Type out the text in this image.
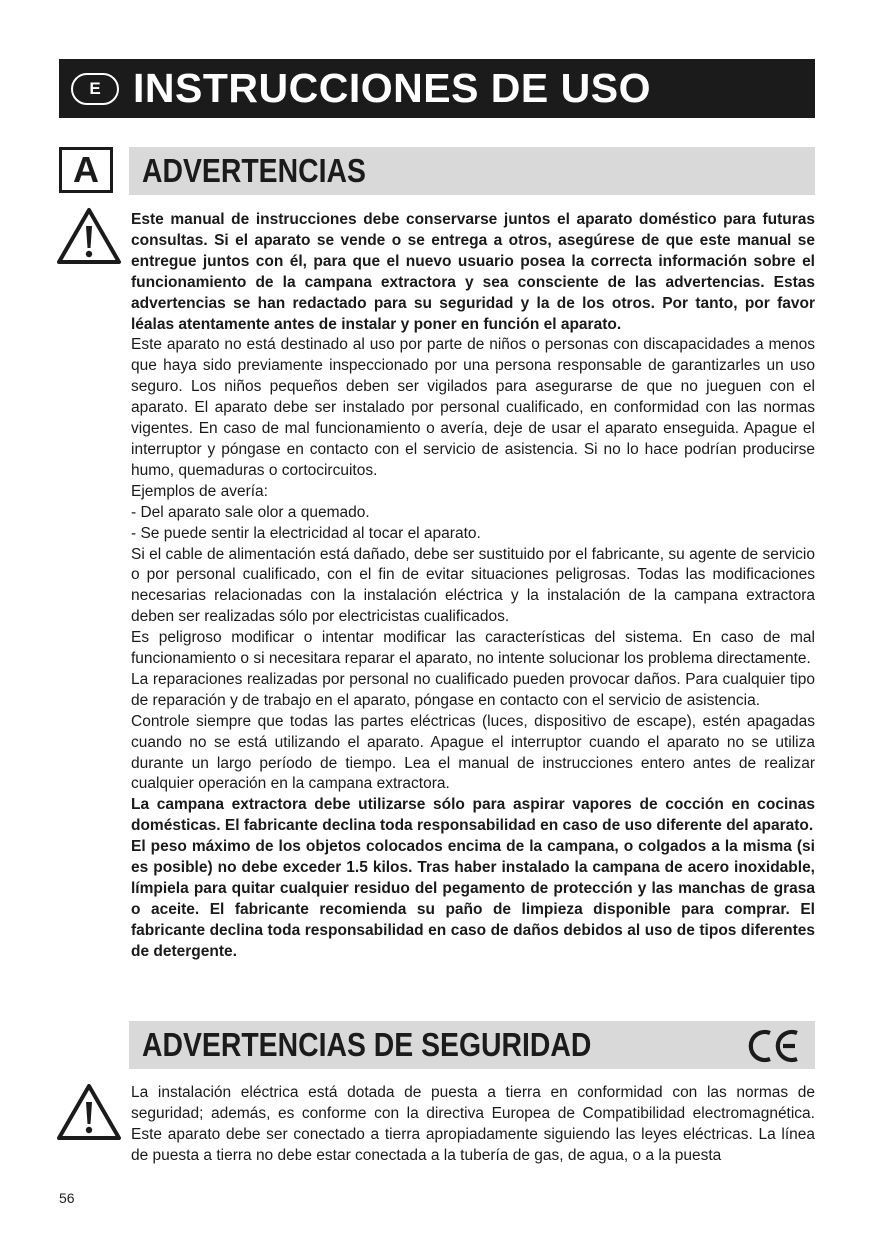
E INSTRUCCIONES DE USO
A	ADVERTENCIAS

Este manual de instrucciones debe conservarse juntos el aparato doméstico para futuras consultas. Si el aparato se vende o se entrega a otros, asegúrese de que este manual se entregue juntos con él, para que el nuevo usuario posea la correcta información sobre el funcionamiento de la campana extractora y sea consciente de las advertencias. Estas advertencias se han redactado para su seguridad y la de los otros. Por tanto, por favor léalas atentamente antes de instalar y poner en función el aparato.

Este aparato no está destinado al uso por parte de niños o personas con discapacidades a menos que haya sido previamente inspeccionado por una persona responsable de garantizarles un uso seguro. Los niños pequeños deben ser vigilados para asegurarse de que no jueguen con el aparato. El aparato debe ser instalado por personal cualificado, en conformidad con las normas vigentes. En caso de mal funcionamiento o avería, deje de usar el aparato enseguida. Apague el interruptor y póngase en contacto con el servicio de asistencia. Si no lo hace podrían producirse humo, quemaduras o cortocircuitos.

Ejemplos de avería:

- Del aparato sale olor a quemado.

- Se puede sentir la electricidad al tocar el aparato.

Si el cable de alimentación está dañado, debe ser sustituido por el fabricante, su agente de servicio o por personal cualificado, con el fin de evitar situaciones peligrosas. Todas las modificaciones necesarias relacionadas con la instalación eléctrica y la instalación de la campana extractora deben ser realizadas sólo por electricistas cualificados.

Es peligroso modificar o intentar modificar las características del sistema. En caso de mal funcionamiento o si necesitara reparar el aparato, no intente solucionar los problema directamente.

La reparaciones realizadas por personal no cualificado pueden provocar daños. Para cualquier tipo de reparación y de trabajo en el aparato, póngase en contacto con el servicio de asistencia.

Controle siempre que todas las partes eléctricas (luces, dispositivo de escape), estén apagadas cuando no se está utilizando el aparato. Apague el interruptor cuando el aparato no se utiliza durante un largo período de tiempo. Lea el manual de instrucciones entero antes de realizar cualquier operación en la campana extractora.

La campana extractora debe utilizarse sólo para aspirar vapores de cocción en cocinas domésticas. El fabricante declina toda responsabilidad en caso de uso diferente del aparato.

El peso máximo de los objetos colocados encima de la campana, o colgados a la misma (si es posible) no debe exceder 1.5 kilos. Tras haber instalado la campana de acero inoxidable, límpiela para quitar cualquier residuo del pegamento de protección y las manchas de grasa o aceite. El fabricante recomienda su paño de limpieza disponible para comprar. El fabricante declina toda responsabilidad en caso de daños debidos al uso de tipos diferentes de detergente.

ADVERTENCIAS DE SEGURIDAD

La instalación eléctrica está dotada de puesta a tierra en conformidad con las normas de seguridad; además, es conforme con la directiva Europea de Compatibilidad electromagnética. Este aparato debe ser conectado a tierra apropiadamente siguiendo las leyes eléctricas. La línea de puesta a tierra no debe estar conectada a la tubería de gas, de agua, o a la puesta

56
